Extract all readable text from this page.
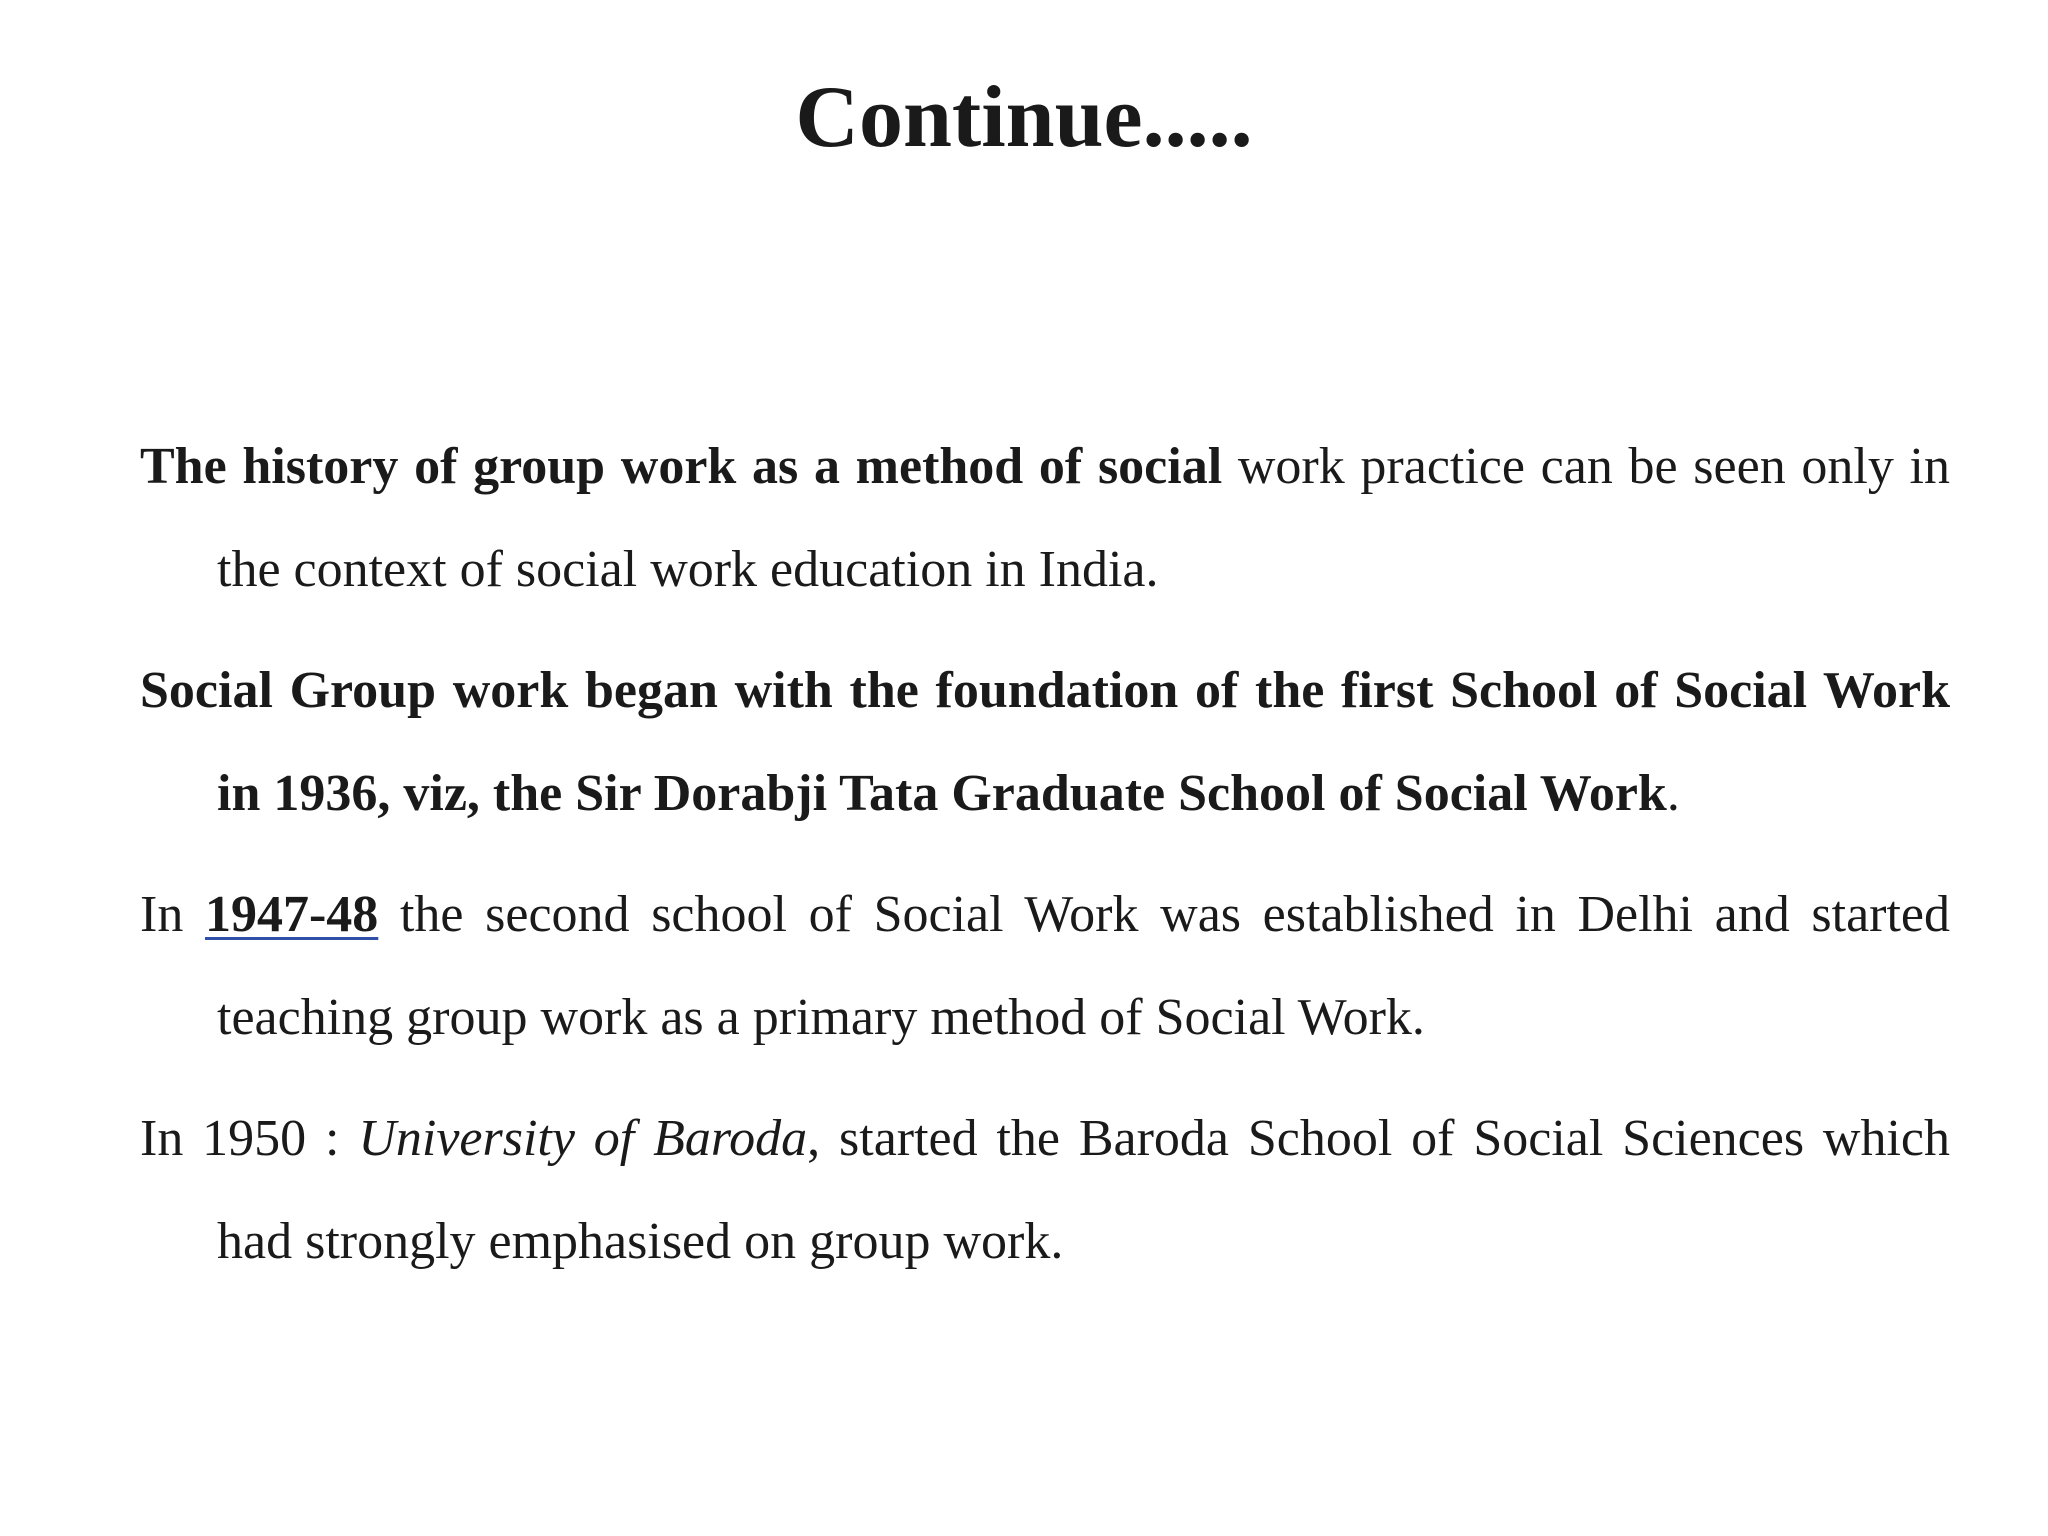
Continue.....

The history of group work as a method of social work practice can be seen only in the context of social work education in India.

Social Group work began with the foundation of the first School of Social Work in 1936, viz, the Sir Dorabji Tata Graduate School of Social Work.

In 1947-48 the second school of Social Work was established in Delhi and started teaching group work as a primary method of Social Work.

In 1950 : University of Baroda, started the Baroda School of Social Sciences which had strongly emphasised on group work.
